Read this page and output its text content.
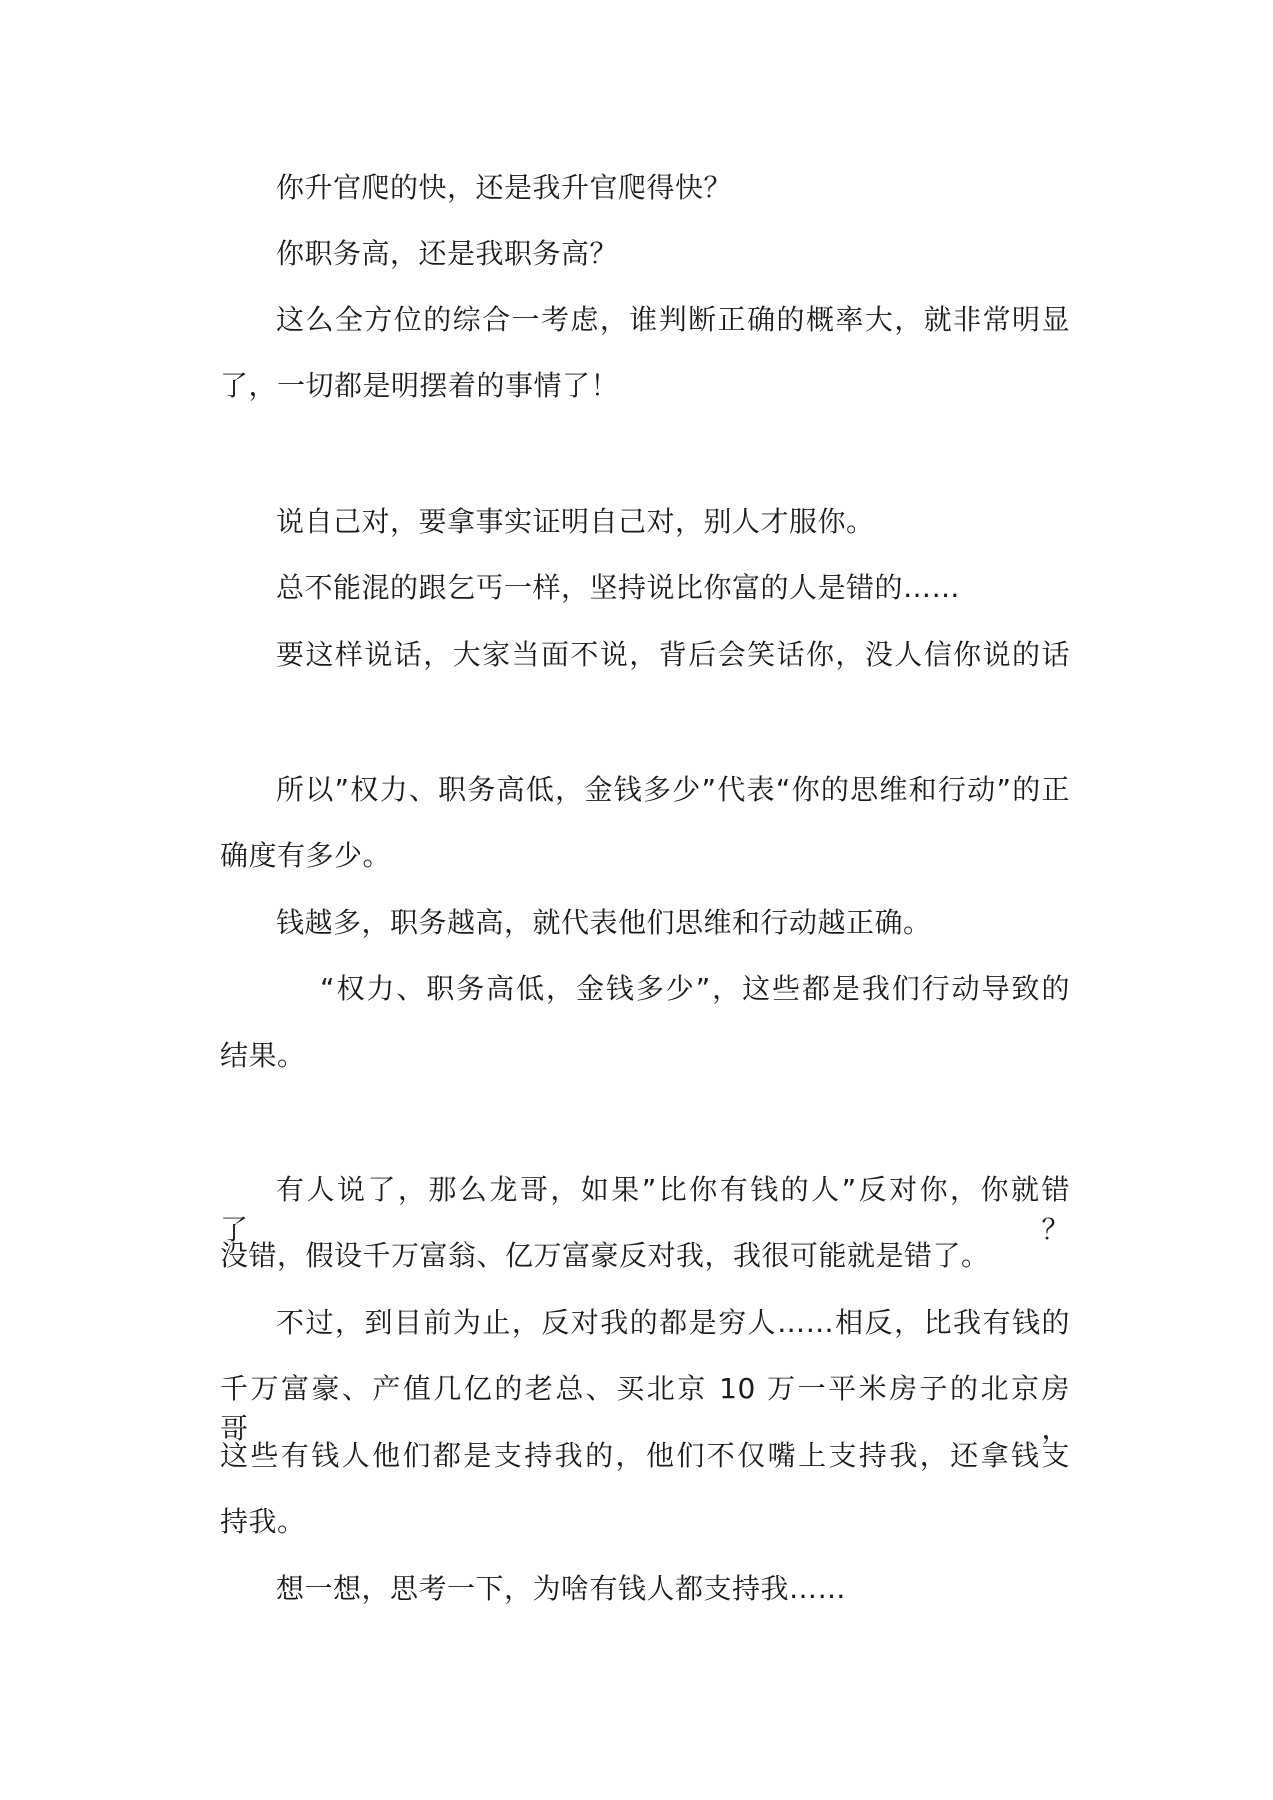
你升官爬的快，还是我升官爬得快？
你职务高，还是我职务高？
这么全方位的综合一考虑，谁判断正确的概率大，就非常明显
了，一切都是明摆着的事情了！
说自己对，要拿事实证明自己对，别人才服你。
总不能混的跟乞丐一样，坚持说比你富的人是错的……
要这样说话，大家当面不说，背后会笑话你，没人信你说的话
所以”权力、职务高低，金钱多少”代表“你的思维和行动”的正
确度有多少。
钱越多，职务越高，就代表他们思维和行动越正确。
“权力、职务高低，金钱多少”，这些都是我们行动导致的
结果。
有人说了，那么龙哥，如果”比你有钱的人”反对你，你就错了？
没错，假设千万富翁、亿万富豪反对我，我很可能就是错了。
不过，到目前为止，反对我的都是穷人……相反，比我有钱的
千万富豪、产值几亿的老总、买北京 10 万一平米房子的北京房哥，
这些有钱人他们都是支持我的，他们不仅嘴上支持我，还拿钱支
持我。
想一想，思考一下，为啥有钱人都支持我……
